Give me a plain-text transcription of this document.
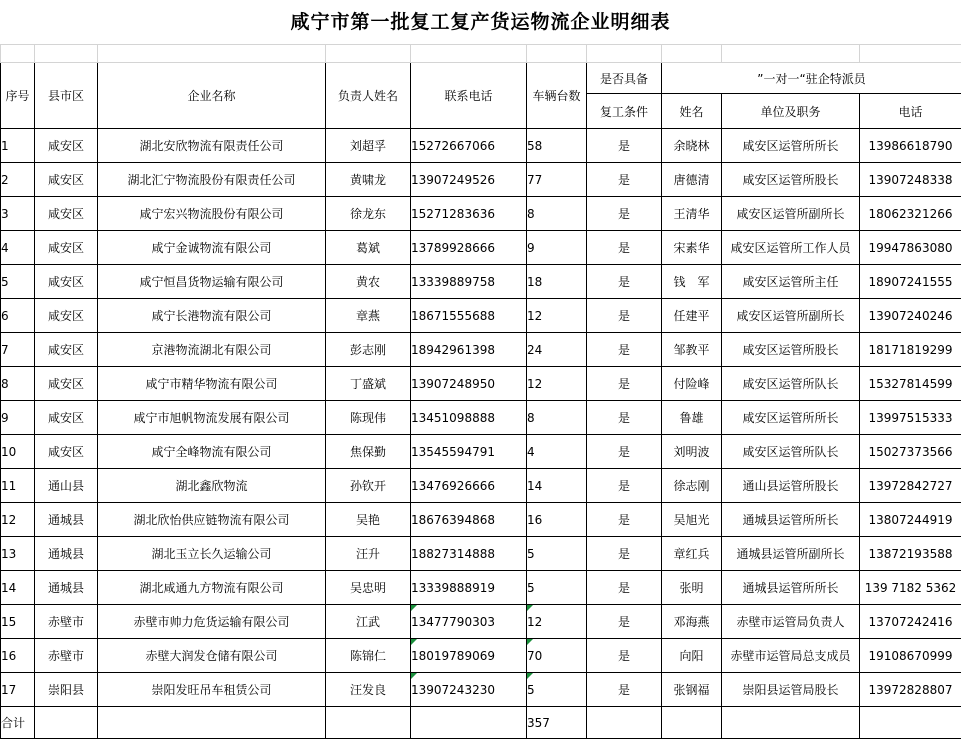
咸宁市第一批复工复产货运物流企业明细表

序号	县市区	企业名称	负责人姓名	联系电话	车辆台数	是否具备	”一对一“驻企特派员		
						复工条件	姓名	单位及职务	电话
1	咸安区	湖北安欣物流有限责任公司	刘超孚	15272667066	58	是	余晓林	咸安区运管所所长	13986618790
2	咸安区	湖北汇宁物流股份有限责任公司	黄啸龙	13907249526	77	是	唐德清	咸安区运管所股长	13907248338
3	咸安区	咸宁宏兴物流股份有限公司	徐龙东	15271283636	8	是	王清华	咸安区运管所副所长	18062321266
4	咸安区	咸宁金诚物流有限公司	葛斌	13789928666	9	是	宋素华	咸安区运管所工作人员	19947863080
5	咸安区	咸宁恒昌货物运输有限公司	黄农	13339889758	18	是	钱　军	咸安区运管所主任	18907241555
6	咸安区	咸宁长港物流有限公司	章燕	18671555688	12	是	任建平	咸安区运管所副所长	13907240246
7	咸安区	京港物流湖北有限公司	彭志刚	18942961398	24	是	邹教平	咸安区运管所股长	18171819299
8	咸安区	咸宁市精华物流有限公司	丁盛斌	13907248950	12	是	付险峰	咸安区运管所队长	15327814599
9	咸安区	咸宁市旭帆物流发展有限公司	陈现伟	13451098888	8	是	鲁雄	咸安区运管所所长	13997515333
10	咸安区	咸宁全峰物流有限公司	焦保勤	13545594791	4	是	刘明波	咸安区运管所队长	15027373566
11	通山县	湖北鑫欣物流	孙钦开	13476926666	14	是	徐志刚	通山县运管所股长	13972842727
12	通城县	湖北欣怡供应链物流有限公司	吴艳	18676394868	16	是	吴旭光	通城县运管所所长	13807244919
13	通城县	湖北玉立长久运输公司	汪升	18827314888	5	是	章红兵	通城县运管所副所长	13872193588
14	通城县	湖北咸通九方物流有限公司	吴忠明	13339888919	5	是	张明	通城县运管所所长	139 7182 5362
15	赤壁市	赤壁市帅力危货运输有限公司	江武	13477790303	12	是	邓海燕	赤壁市运管局负责人	13707242416
16	赤壁市	赤壁大润发仓储有限公司	陈锦仁	18019789069	70	是	向阳	赤壁市运管局总支成员	19108670999
17	崇阳县	崇阳发旺吊车租赁公司	汪发良	13907243230	5	是	张钢福	崇阳县运管局股长	13972828807
合计					357				
